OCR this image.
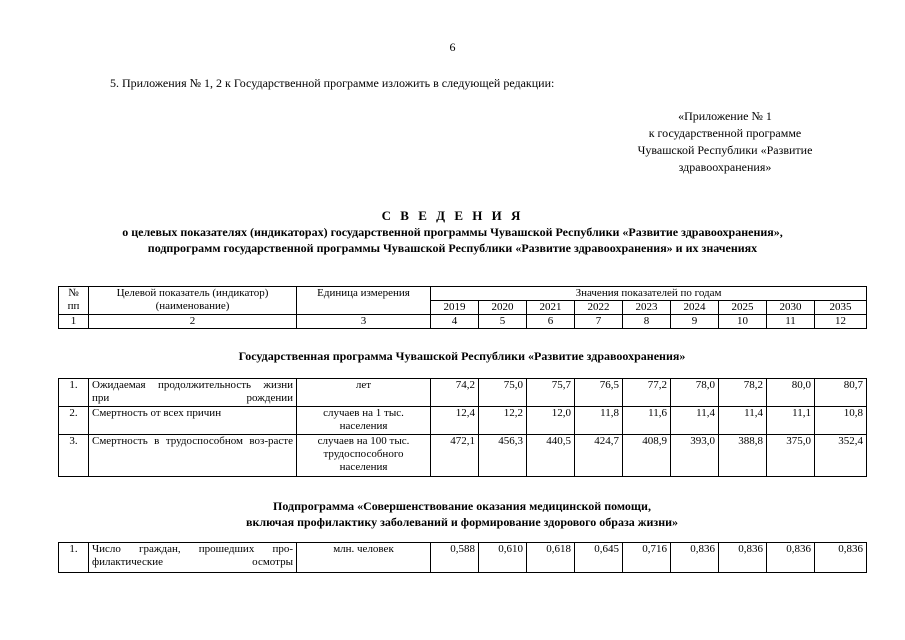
6
5. Приложения № 1, 2 к Государственной программе изложить в следующей редакции:
«Приложение № 1
к государственной программе
Чувашской Республики «Развитие
здравоохранения»
С В Е Д Е Н И Я
о целевых показателях (индикаторах) государственной программы Чувашской Республики «Развитие здравоохранения»,
подпрограмм государственной программы Чувашской Республики «Развитие здравоохранения» и их значениях
№ пп	Целевой показатель (индикатор) (наименование)	Единица измерения	Значения показателей по годам								
			2019	2020	2021	2022	2023	2024	2025	2030	2035
1	2	3	4	5	6	7	8	9	10	11	12
Государственная программа Чувашской Республики «Развитие здравоохранения»
1.	Ожидаемая продолжительность жизни при рождении	лет	74,2	75,0	75,7	76,5	77,2	78,0	78,2	80,0	80,7
2.	Смертность от всех причин	случаев на 1 тыс. населения	12,4	12,2	12,0	11,8	11,6	11,4	11,4	11,1	10,8
3.	Смертность в трудоспособном воз-расте	случаев на 100 тыс. трудоспособного населения	472,1	456,3	440,5	424,7	408,9	393,0	388,8	375,0	352,4
Подпрограмма «Совершенствование оказания медицинской помощи,
включая профилактику заболеваний и формирование здорового образа жизни»
1.	Число граждан, прошедших про-филактические осмотры	млн. человек	0,588	0,610	0,618	0,645	0,716	0,836	0,836	0,836	0,836
